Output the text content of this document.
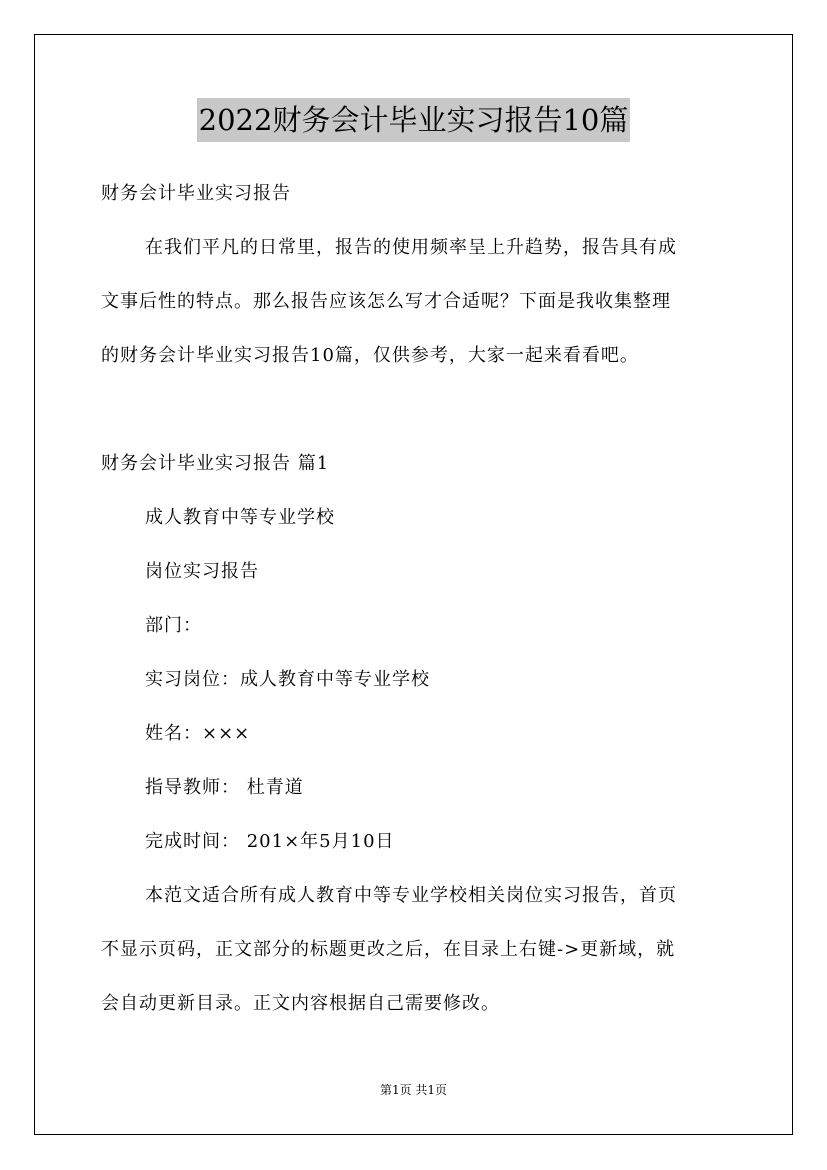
2022财务会计毕业实习报告10篇
财务会计毕业实习报告
在我们平凡的日常里，报告的使用频率呈上升趋势，报告具有成
文事后性的特点。那么报告应该怎么写才合适呢？下面是我收集整理
的财务会计毕业实习报告10篇，仅供参考，大家一起来看看吧。
财务会计毕业实习报告 篇1
成人教育中等专业学校
岗位实习报告
部门：
实习岗位：成人教育中等专业学校
姓名：×××
指导教师： 杜青道
完成时间： 201×年5月10日
本范文适合所有成人教育中等专业学校相关岗位实习报告，首页
不显示页码，正文部分的标题更改之后，在目录上右键->更新域，就
会自动更新目录。正文内容根据自己需要修改。
第1页 共1页
